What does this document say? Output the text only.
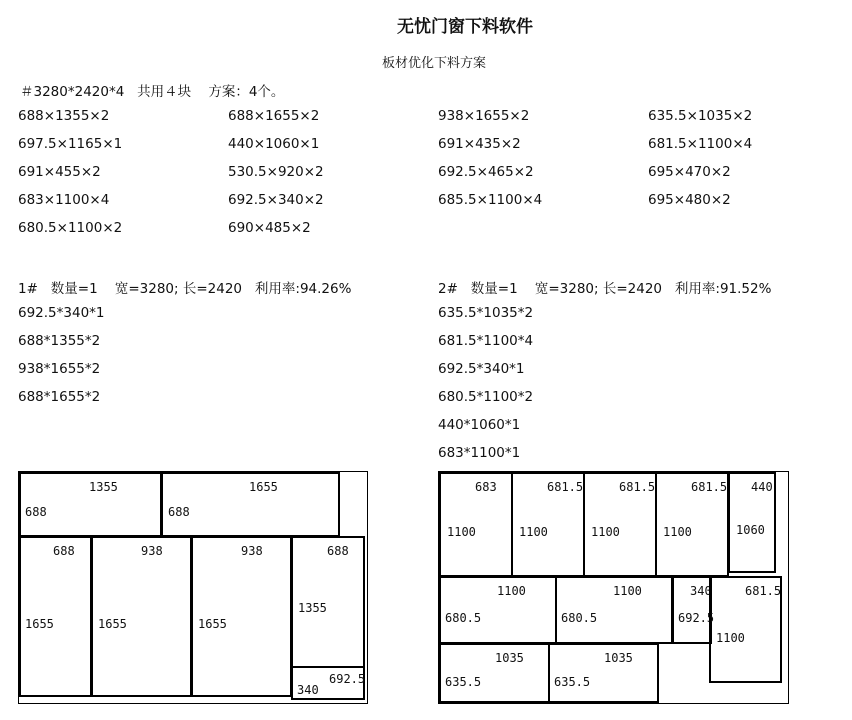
无忧门窗下料软件
板材优化下料方案
＃3280*2420*4   共用４块    方案：4个。
688×1355×2
697.5×1165×1
691×455×2
683×1100×4
680.5×1100×2
688×1655×2
440×1060×1
530.5×920×2
692.5×340×2
690×485×2
938×1655×2
691×435×2
692.5×465×2
685.5×1100×4
635.5×1035×2
681.5×1100×4
695×470×2
695×480×2
1#   数量=1    宽=3280; 长=2420   利用率:94.26%
692.5*340*1
688*1355*2
938*1655*2
688*1655*2
2#   数量=1    宽=3280; 长=2420   利用率:91.52%
635.5*1035*2
681.5*1100*4
692.5*340*1
680.5*1100*2
440*1060*1
683*1100*1
1355
688
1655
688
688
1655
938
1655
938
1655
688
1355
692.5
340
683
1100
681.5
1100
681.5
1100
681.5
1100
440
1060
1100
680.5
1100
680.5
340
692.5
681.5
1100
1035
635.5
1035
635.5
